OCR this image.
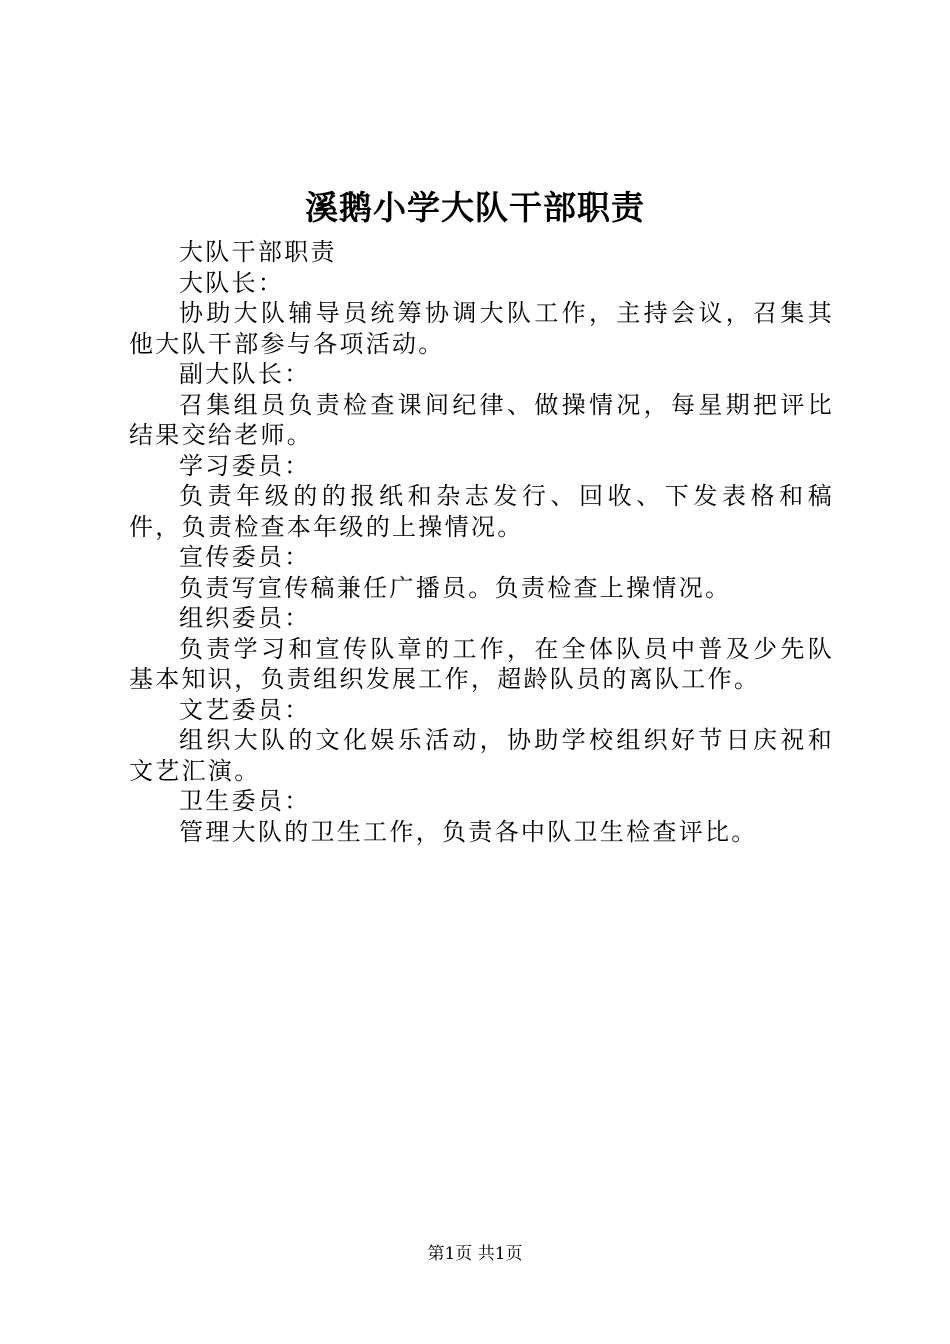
溪鹅小学大队干部职责
大队干部职责
大队长：
协助大队辅导员统筹协调大队工作，主持会议，召集其他大队干部参与各项活动。
副大队长：
召集组员负责检查课间纪律、做操情况，每星期把评比结果交给老师。
学习委员：
负责年级的的报纸和杂志发行、回收、下发表格和稿件，负责检查本年级的上操情况。
宣传委员：
负责写宣传稿兼任广播员。负责检查上操情况。
组织委员：
负责学习和宣传队章的工作，在全体队员中普及少先队基本知识，负责组织发展工作，超龄队员的离队工作。
文艺委员：
组织大队的文化娱乐活动，协助学校组织好节日庆祝和文艺汇演。
卫生委员：
管理大队的卫生工作，负责各中队卫生检查评比。
第1页 共1页
